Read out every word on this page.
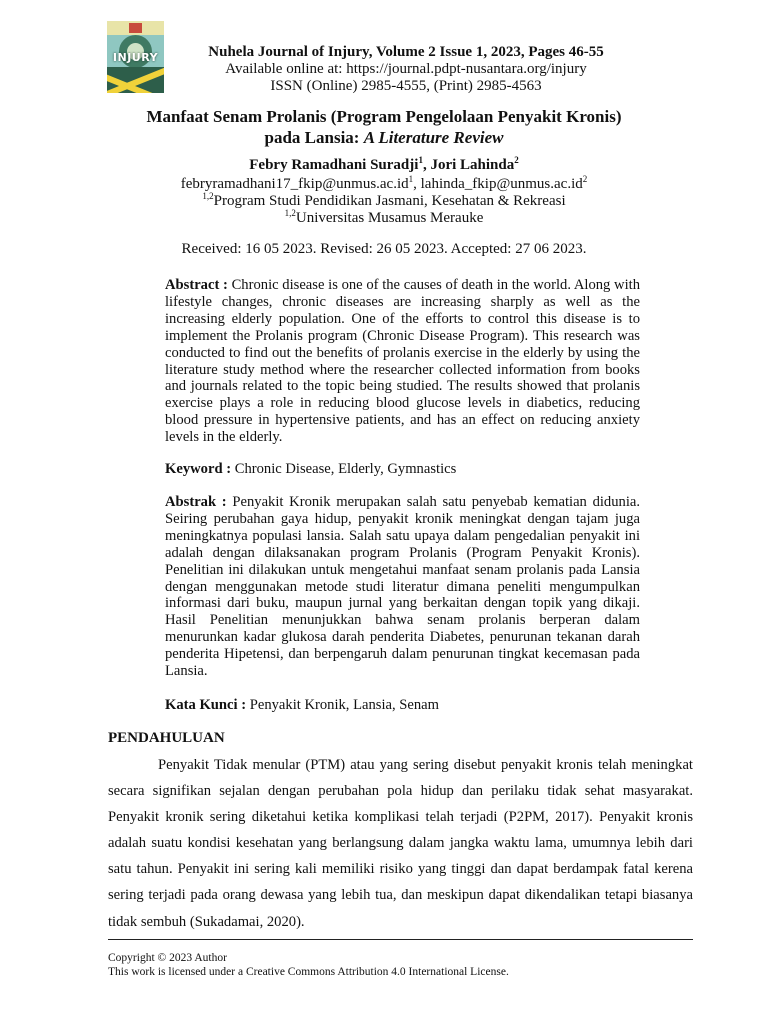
INJURY	Nuhela Journal of Injury, Volume 2 Issue 1, 2023, Pages 46-55
Available online at: https://journal.pdpt-nusantara.org/injury
ISSN (Online) 2985-4555, (Print) 2985-4563
Manfaat Senam Prolanis (Program Pengelolaan Penyakit Kronis)
pada Lansia: A Literature Review
Febry Ramadhani Suradji$^1$, Jori Lahinda$^2$
$febryramadhani17\_fkip@unmus.ac.id^1$, $lahinda\_fkip@unmus.ac.id^2$
$^{1,2}$Program Studi Pendidikan Jasmani, Kesehatan & Rekreasi
$^{1,2}$Universitas Musamus Merauke
Received: 16 05 2023. Revised: 26 05 2023. Accepted: 27 06 2023.
Abstract : Chronic disease is one of the causes of death in the world. Along with lifestyle changes, chronic diseases are increasing sharply as well as the increasing elderly population. One of the efforts to control this disease is to implement the Prolanis program (Chronic Disease Program). This research was conducted to find out the benefits of prolanis exercise in the elderly by using the literature study method where the researcher collected information from books and journals related to the topic being studied. The results showed that prolanis exercise plays a role in reducing blood glucose levels in diabetics, reducing blood pressure in hypertensive patients, and has an effect on reducing anxiety levels in the elderly.
Keyword : Chronic Disease, Elderly, Gymnastics
Abstrak : Penyakit Kronik merupakan salah satu penyebab kematian didunia. Seiring perubahan gaya hidup, penyakit kronik meningkat dengan tajam juga meningkatnya populasi lansia. Salah satu upaya dalam pengedalian penyakit ini adalah dengan dilaksanakan program Prolanis (Program Penyakit Kronis). Penelitian ini dilakukan untuk mengetahui manfaat senam prolanis pada Lansia dengan menggunakan metode studi literatur dimana peneliti mengumpulkan informasi dari buku, maupun jurnal yang berkaitan dengan topik yang dikaji. Hasil Penelitian menunjukkan bahwa senam prolanis berperan dalam menurunkan kadar glukosa darah penderita Diabetes, penurunan tekanan darah penderita Hipetensi, dan berpengaruh dalam penurunan tingkat kecemasan pada Lansia.
Kata Kunci : Penyakit Kronik, Lansia, Senam
PENDAHULUAN
Penyakit Tidak menular (PTM) atau yang sering disebut penyakit kronis telah meningkat secara signifikan sejalan dengan perubahan pola hidup dan perilaku tidak sehat masyarakat. Penyakit kronik sering diketahui ketika komplikasi telah terjadi (P2PM, 2017). Penyakit kronis adalah suatu kondisi kesehatan yang berlangsung dalam jangka waktu lama, umumnya lebih dari satu tahun. Penyakit ini sering kali memiliki risiko yang tinggi dan dapat berdampak fatal kerena sering terjadi pada orang dewasa yang lebih tua, dan meskipun dapat dikendalikan tetapi biasanya tidak sembuh (Sukadamai, 2020).
Copyright © 2023 Author
This work is licensed under a Creative Commons Attribution 4.0 International License.
